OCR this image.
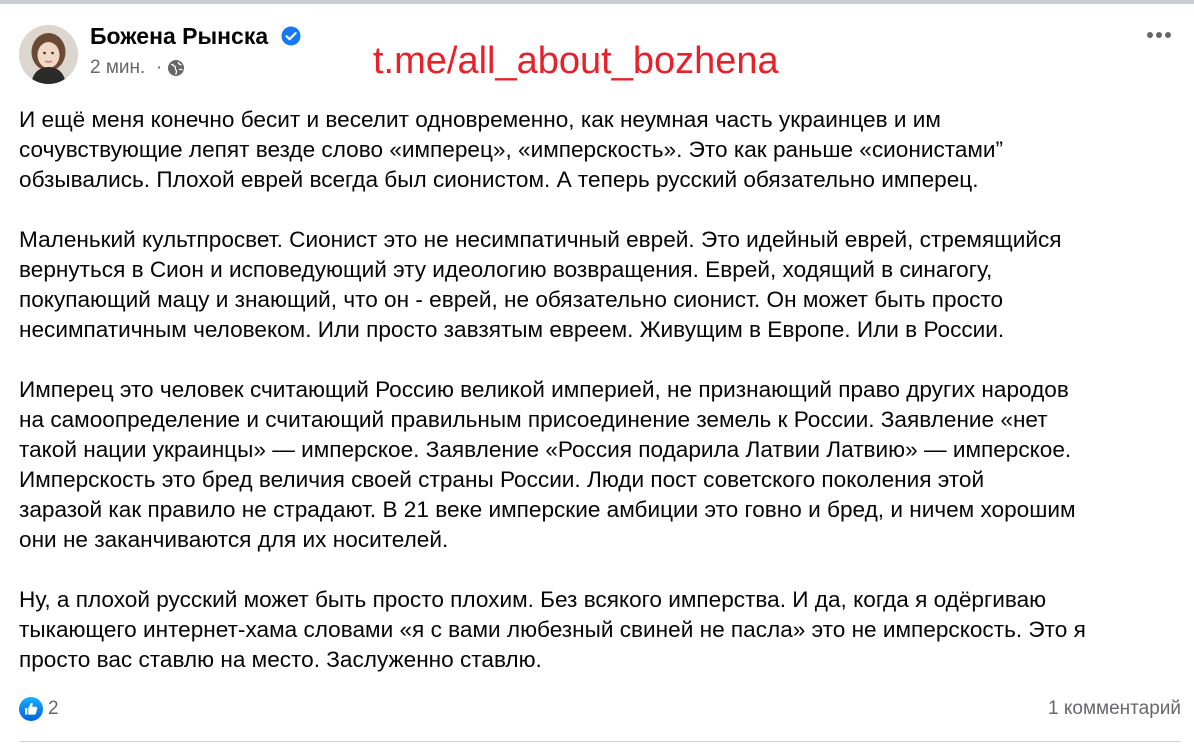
Божена Рынска
2 мин. ·	t.me/all_about_bozhena

И ещё меня конечно бесит и веселит одновременно, как неумная часть украинцев и им
сочувствующие лепят везде слово «имперец», «имперскость». Это как раньше «сионистами”
обзывались. Плохой еврей всегда был сионистом. А теперь русский обязательно имперец.

Маленький культпросвет. Сионист это не несимпатичный еврей. Это идейный еврей, стремящийся
вернуться в Сион и исповедующий эту идеологию возвращения. Еврей, ходящий в синагогу,
покупающий мацу и знающий, что он - еврей, не обязательно сионист. Он может быть просто
несимпатичным человеком. Или просто завзятым евреем. Живущим в Европе. Или в России.

Имперец это человек считающий Россию великой империей, не признающий право других народов
на самоопределение и считающий правильным присоединение земель к России. Заявление «нет
такой нации украинцы» — имперское. Заявление «Россия подарила Латвии Латвию» — имперское.
Имперскость это бред величия своей страны России. Люди пост советского поколения этой
заразой как правило не страдают. В 21 веке имперские амбиции это говно и бред, и ничем хорошим
они не заканчиваются для их носителей.

Ну, а плохой русский может быть просто плохим. Без всякого имперства. И да, когда я одёргиваю
тыкающего интернет-хама словами «я с вами любезный свиней не пасла» это не имперскость. Это я
просто вас ставлю на место. Заслуженно ставлю.

2	1 комментарий
